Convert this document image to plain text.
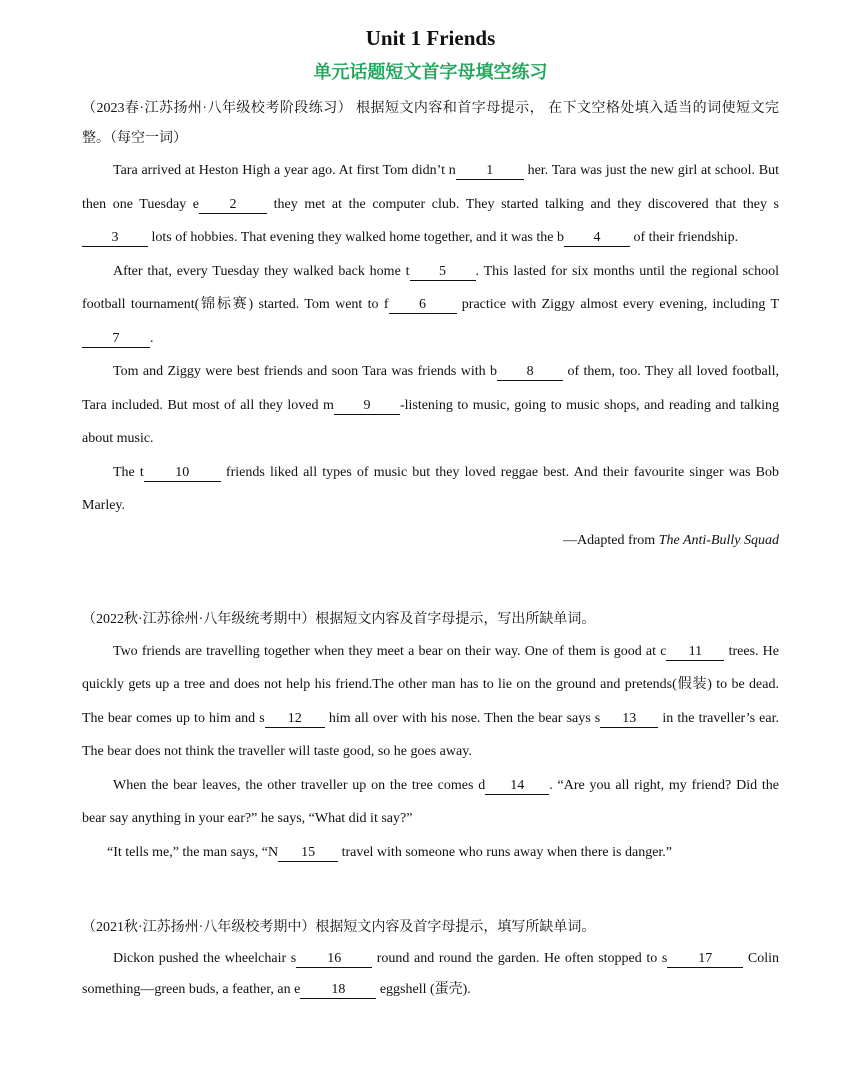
Unit 1 Friends
单元话题短文首字母填空练习
（2023春·江苏扬州·八年级校考阶段练习） 根据短文内容和首字母提示， 在下文空格处填入适当的词使短文完整。（每空一词）

Tara arrived at Heston High a year ago. At first Tom didn’t n 1 her. Tara was just the new girl at school. But then one Tuesday e 2 they met at the computer club. They started talking and they discovered that they s3 lots of hobbies. That evening they walked home together, and it was the b 4 of their friendship.

After that, every Tuesday they walked back home t 5 . This lasted for six months until the regional school football tournament(锦标赛) started. Tom went to f 6 practice with Ziggy almost every evening, including T7 .

Tom and Ziggy were best friends and soon Tara was friends with b 8 of them, too. They all loved football, Tara included. But most of all they loved m 9 -listening to music, going to music shops, and reading and talking about music.

The t 10 friends liked all types of music but they loved reggae best. And their favourite singer was Bob Marley.

—Adapted from The Anti-Bully Squad
（2022秋·江苏徐州·八年级统考期中）根据短文内容及首字母提示，写出所缺单词。

Two friends are travelling together when they meet a bear on their way. One of them is good at c 11 trees. He quickly gets up a tree and does not help his friend.The other man has to lie on the ground and pretends(假装) to be dead. The bear comes up to him and s 12 him all over with his nose. Then the bear says s 13 in the traveller’s ear. The bear does not think the traveller will taste good, so he goes away.

When the bear leaves, the other traveller up on the tree comes d 14 . “Are you all right, my friend? Did the bear say anything in your ear?” he says, “What did it say?”

“It tells me,” the man says, “N 15 travel with someone who runs away when there is danger.”

（2021秋·江苏扬州·八年级校考期中）根据短文内容及首字母提示，填写所缺单词。

Dickon pushed the wheelchair s 16 round and round the garden. He often stopped to s 17 Colin something—green buds, a feather, an e 18 eggshell (蛋壳).
